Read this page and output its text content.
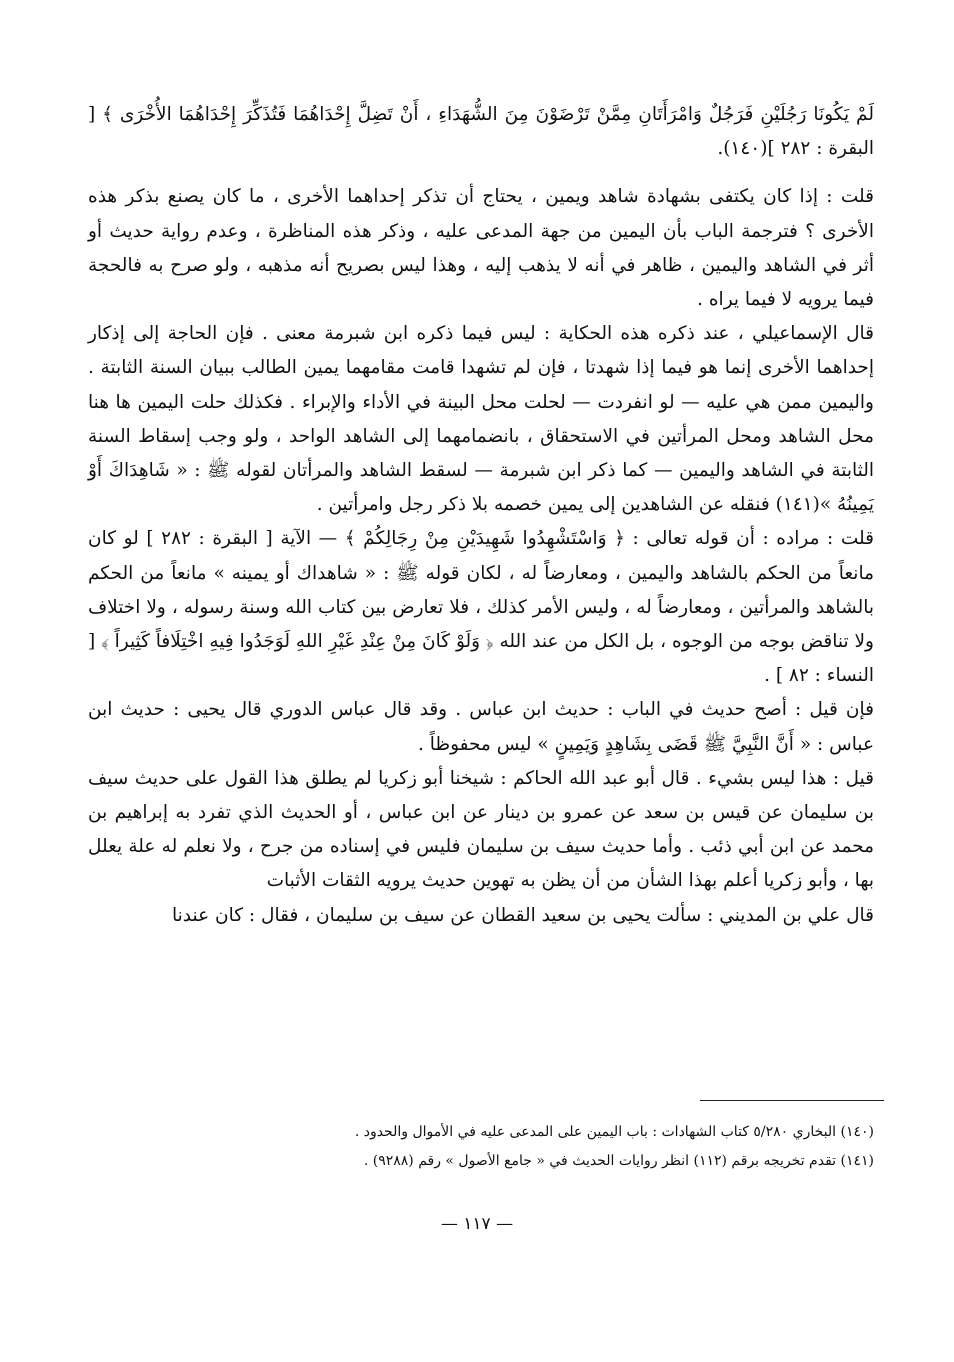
لَمْ يَكُونَا رَجُلَيْنِ فَرَجُلٌ وَامْرَأَتَانِ مِمَّنْ تَرْضَوْنَ مِنَ الشُّهَدَاءِ ، أَنْ تَضِلَّ إِحْدَاهُمَا فَتُذَكِّرَ إِحْدَاهُمَا الأُخْرَى ﴾ [ البقرة : ٢٨٢ ](١٤٠).

قلت : إذا كان يكتفى بشهادة شاهد ويمين ، يحتاج أن تذكر إحداهما الأخرى ، ما كان يصنع بذكر هذه الأخرى ؟ فترجمة الباب بأن اليمين من جهة المدعى عليه ، وذكر هذه المناظرة ، وعدم رواية حديث أو أثر في الشاهد واليمين ، ظاهر في أنه لا يذهب إليه ، وهذا ليس بصريح أنه مذهبه ، ولو صرح به فالحجة فيما يرويه لا فيما يراه .

قال الإسماعيلي ، عند ذكره هذه الحكاية : ليس فيما ذكره ابن شبرمة معنى . فإن الحاجة إلى إذكار إحداهما الأخرى إنما هو فيما إذا شهدتا ، فإن لم تشهدا قامت مقامهما يمين الطالب ببيان السنة الثابتة . واليمين ممن هي عليه — لو انفردت — لحلت محل البينة في الأداء والإبراء . فكذلك حلت اليمين ها هنا محل الشاهد ومحل المرأتين في الاستحقاق ، بانضمامهما إلى الشاهد الواحد ، ولو وجب إسقاط السنة الثابتة في الشاهد واليمين — كما ذكر ابن شبرمة — لسقط الشاهد والمرأتان لقوله ﷺ : « شَاهِدَاكَ أَوْ يَمِينُهُ »(١٤١) فنقله عن الشاهدين إلى يمين خصمه بلا ذكر رجل وامرأتين .

قلت : مراده : أن قوله تعالى : ﴿ وَاسْتَشْهِدُوا شَهِيدَيْنِ مِنْ رِجَالِكُمْ ﴾ — الآية [ البقرة : ٢٨٢ ] لو كان مانعاً من الحكم بالشاهد واليمين ، ومعارضاً له ، لكان قوله ﷺ : « شاهداك أو يمينه » مانعاً من الحكم بالشاهد والمرأتين ، ومعارضاً له ، وليس الأمر كذلك ، فلا تعارض بين كتاب الله وسنة رسوله ، ولا اختلاف ولا تناقض بوجه من الوجوه ، بل الكل من عند الله ﴿ وَلَوْ كَانَ مِنْ عِنْدِ غَيْرِ اللهِ لَوَجَدُوا فِيهِ اخْتِلَافاً كَثِيراً ﴾ [ النساء : ٨٢ ] .

فإن قيل : أصح حديث في الباب : حديث ابن عباس . وقد قال عباس الدوري قال يحيى : حديث ابن عباس : « أَنَّ النَّبِيَّ ﷺ قَضَى بِشَاهِدٍ وَيَمِينٍ » ليس محفوظاً .

قيل : هذا ليس بشيء . قال أبو عبد الله الحاكم : شيخنا أبو زكريا لم يطلق هذا القول على حديث سيف بن سليمان عن قيس بن سعد عن عمرو بن دينار عن ابن عباس ، أو الحديث الذي تفرد به إبراهيم بن محمد عن ابن أبي ذئب . وأما حديث سيف بن سليمان فليس في إسناده من جرح ، ولا نعلم له علة يعلل بها ، وأبو زكريا أعلم بهذا الشأن من أن يظن به تهوين حديث يرويه الثقات الأثبات

قال علي بن المديني : سألت يحيى بن سعيد القطان عن سيف بن سليمان ، فقال : كان عندنا

(١٤٠) البخاري ٥/٢٨٠ كتاب الشهادات : باب اليمين على المدعى عليه في الأموال والحدود .

(١٤١) تقدم تخريجه برقم (١١٢) انظر روايات الحديث في « جامع الأصول » رقم (٩٢٨٨) .

— ١١٧ —
